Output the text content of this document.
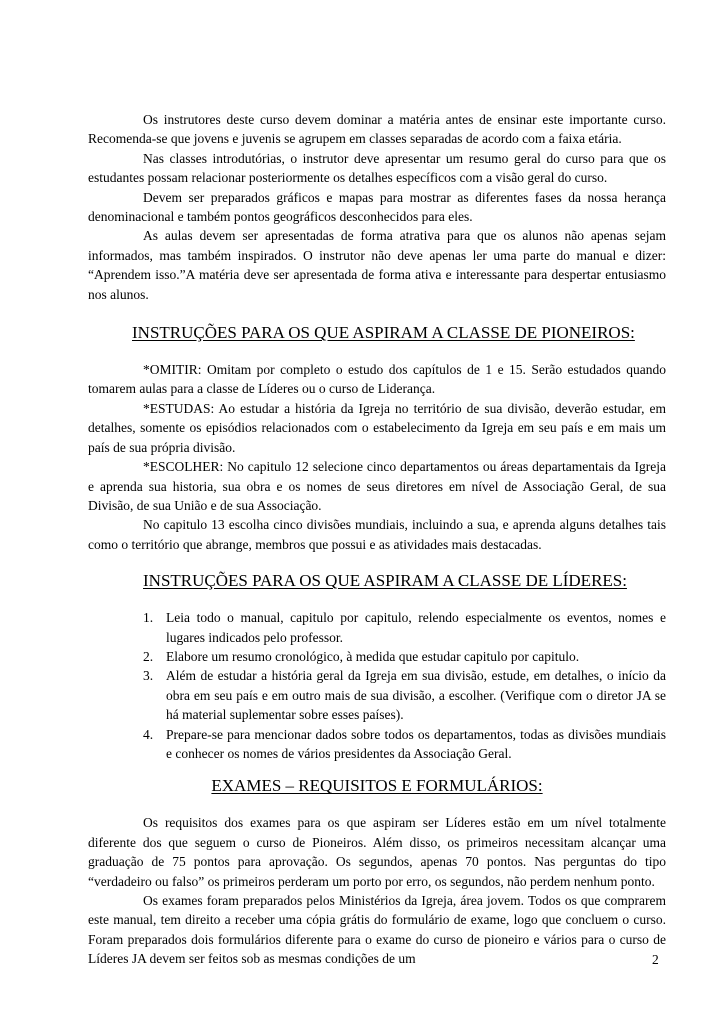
Os instrutores deste curso devem dominar a matéria antes de ensinar este importante curso. Recomenda-se que jovens e juvenis se agrupem em classes separadas de acordo com a faixa etária.

Nas classes introdutórias, o instrutor deve apresentar um resumo geral do curso para que os estudantes possam relacionar posteriormente os detalhes específicos com a visão geral do curso.

Devem ser preparados gráficos e mapas para mostrar as diferentes fases da nossa herança denominacional e também pontos geográficos desconhecidos para eles.

As aulas devem ser apresentadas de forma atrativa para que os alunos não apenas sejam informados, mas também inspirados. O instrutor não deve apenas ler uma parte do manual e dizer: “Aprendem isso.”A matéria deve ser apresentada de forma ativa e interessante para despertar entusiasmo nos alunos.

INSTRUÇÕES PARA OS QUE ASPIRAM A CLASSE DE PIONEIROS:

*OMITIR: Omitam por completo o estudo dos capítulos de 1 e 15. Serão estudados quando tomarem aulas para a classe de Líderes ou o curso de Liderança.

*ESTUDAS: Ao estudar a história da Igreja no território de sua divisão, deverão estudar, em detalhes, somente os episódios relacionados com o estabelecimento da Igreja em seu país e em mais um país de sua própria divisão.

*ESCOLHER: No capitulo 12 selecione cinco departamentos ou áreas departamentais da Igreja e aprenda sua historia, sua obra e os nomes de seus diretores em nível de Associação Geral, de sua Divisão, de sua União e de sua Associação.

No capitulo 13 escolha cinco divisões mundiais, incluindo a sua, e aprenda alguns detalhes tais como o território que abrange, membros que possui e as atividades mais destacadas.

INSTRUÇÕES PARA OS QUE ASPIRAM A CLASSE DE LÍDERES:
1. Leia todo o manual, capitulo por capitulo, relendo especialmente os eventos, nomes e lugares indicados pelo professor.
2. Elabore um resumo cronológico, à medida que estudar capitulo por capitulo.
3. Além de estudar a história geral da Igreja em sua divisão, estude, em detalhes, o início da obra em seu país e em outro mais de sua divisão, a escolher. (Verifique com o diretor JA se há material suplementar sobre esses países).
4. Prepare-se para mencionar dados sobre todos os departamentos, todas as divisões mundiais e conhecer os nomes de vários presidentes da Associação Geral.
EXAMES – REQUISITOS E FORMULÁRIOS:

Os requisitos dos exames para os que aspiram ser Líderes estão em um nível totalmente diferente dos que seguem o curso de Pioneiros. Além disso, os primeiros necessitam alcançar uma graduação de 75 pontos para aprovação. Os segundos, apenas 70 pontos. Nas perguntas do tipo “verdadeiro ou falso” os primeiros perderam um porto por erro, os segundos, não perdem nenhum ponto.

Os exames foram preparados pelos Ministérios da Igreja, área jovem. Todos os que comprarem este manual, tem direito a receber uma cópia grátis do formulário de exame, logo que concluem o curso. Foram preparados dois formulários diferente para o exame do curso de pioneiro e vários para o curso de Líderes JA devem ser feitos sob as mesmas condições de um	2
